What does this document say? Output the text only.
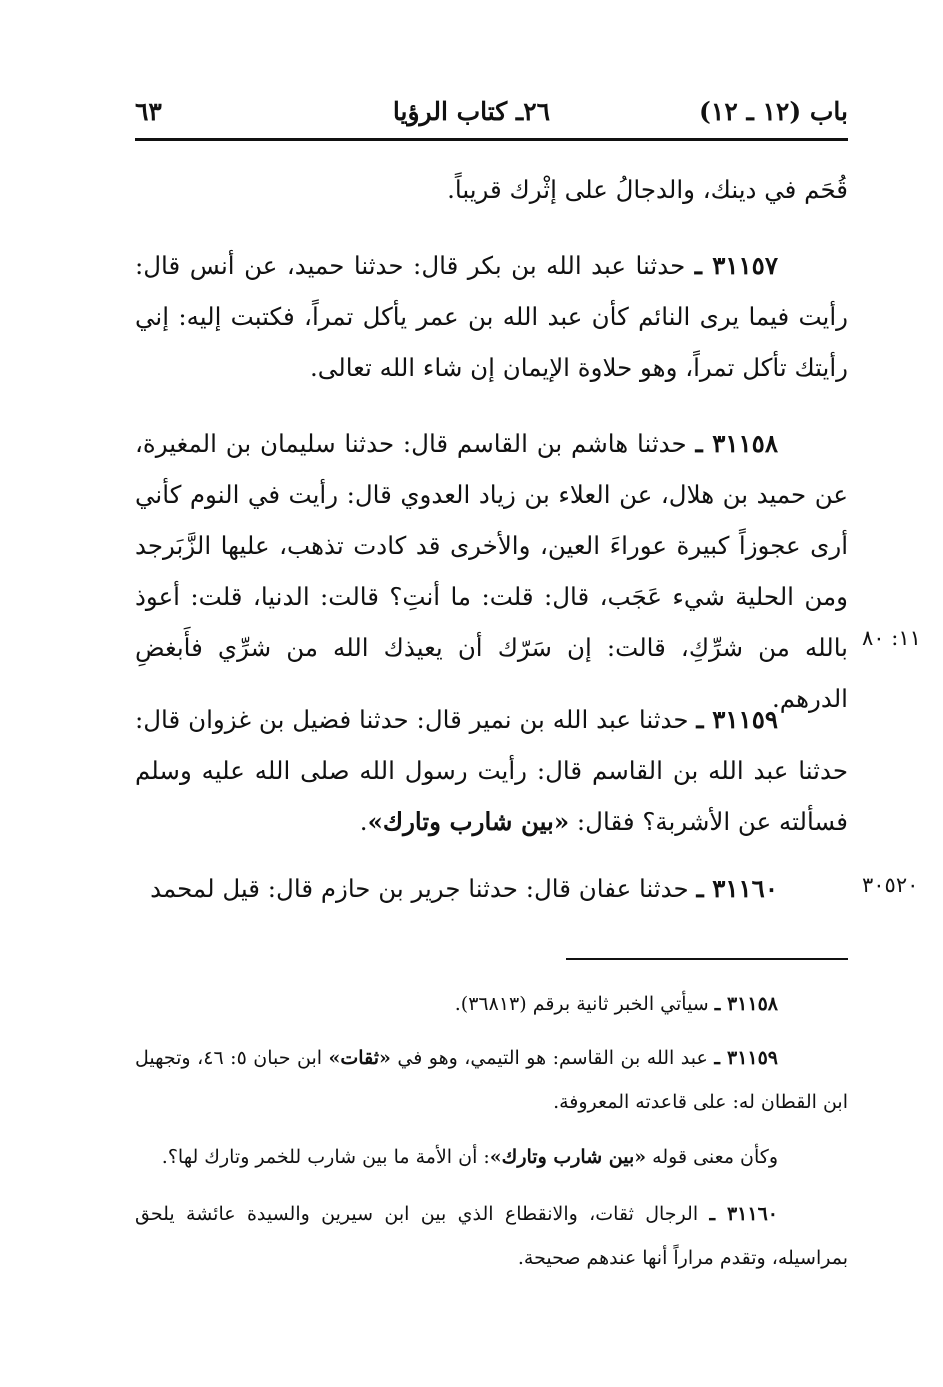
باب (١٢ ـ ١٢)
٢٦ـ كتاب الرؤيا
٦٣
قُحَم في دينك، والدجالُ على إثْرك قريباً.
٣١١٥٧ ـ حدثنا عبد الله بن بكر قال: حدثنا حميد، عن أنس قال: رأيت فيما يرى النائم كأن عبد الله بن عمر يأكل تمراً، فكتبت إليه: إني رأيتك تأكل تمراً، وهو حلاوة الإيمان إن شاء الله تعالى.
٣١١٥٨ ـ حدثنا هاشم بن القاسم قال: حدثنا سليمان بن المغيرة، عن حميد بن هلال، عن العلاء بن زياد العدوي قال: رأيت في النوم كأني أرى عجوزاً كبيرة عوراءَ العين، والأخرى قد كادت تذهب، عليها الزَّبَرجد ومن الحلية شيء عَجَب، قال: قلت: ما أنتِ؟ قالت: الدنيا، قلت: أعوذ بالله من شرِّكِ، قالت: إن سَرّك أن يعيذك الله من شرِّي فأَبغضِ الدرهم.
٣١١٥٩ ـ حدثنا عبد الله بن نمير قال: حدثنا فضيل بن غزوان قال: حدثنا عبد الله بن القاسم قال: رأيت رسول الله صلى الله عليه وسلم فسألته عن الأشربة؟ فقال: «بين شارب وتارك».
٣١١٦٠ ـ حدثنا عفان قال: حدثنا جرير بن حازم قال: قيل لمحمد
١١: ٨٠
٣٠٥٢٠
٣١١٥٨ ـ سيأتي الخبر ثانية برقم (٣٦٨١٣).
٣١١٥٩ ـ عبد الله بن القاسم: هو التيمي، وهو في «ثقات» ابن حبان ٥: ٤٦، وتجهيل ابن القطان له: على قاعدته المعروفة.
وكأن معنى قوله «بين شارب وتارك»: أن الأمة ما بين شارب للخمر وتارك لها؟.
٣١١٦٠ ـ الرجال ثقات، والانقطاع الذي بين ابن سيرين والسيدة عائشة يلحق بمراسيله، وتقدم مراراً أنها عندهم صحيحة.
